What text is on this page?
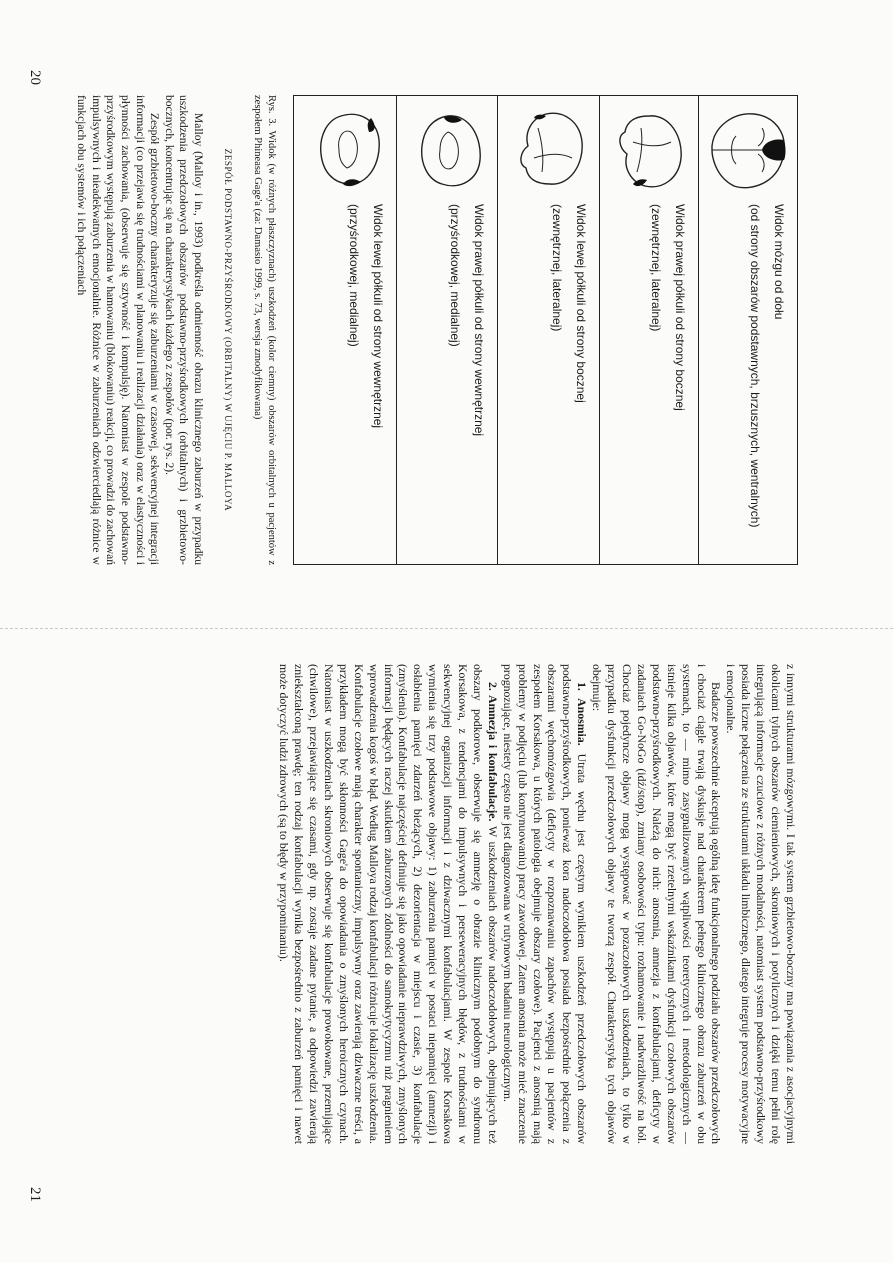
Widok mózgu od dołu
(od strony obszarów podstawnych, brzusznych, wentralnych)
Widok prawej półkuli od strony bocznej
(zewnętrznej, lateralnej)
Widok lewej półkuli od strony bocznej
(zewnętrznej, lateralnej)
Widok prawej półkuli od strony wewnętrznej
(przyśrodkowej, medialnej)
Widok lewej półkuli od strony wewnętrznej
(przyśrodkowej, medialnej)
Rys. 3. Widok (w różnych płaszczyznach) uszkodzeń (kolor ciemny) obszarów orbitalnych u pacjentów z zespołem Phineasa Gage'a (za: Damasio 1999, s. 73, wersja zmodyfikowana)
ZESPÓŁ PODSTAWNO-PRZYŚRODKOWY (ORBITALNY) W UJĘCIU P. MALLOYA

Malloy (Malloy i in., 1993) podkreśla odmienność obrazu klinicznego zaburzeń w przypadku uszkodzenia przedczołowych obszarów podstawno-przyśrodkowych (orbitalnych) i grzbietowo-bocznych, koncentrując się na charakterystykach każdego z zespołów (por. rys. 2).

Zespół grzbietowo-boczny charakteryzuje się zaburzeniami w czasowej, sekwencyjnej integracji informacji (co przejawia się trudnościami w planowaniu i realizacji działania) oraz w elastyczności i płynności zachowania, (obserwuje się sztywność i kompulsję). Natomiast w zespole podstawno-przyśrodkowym występują zaburzenia w hamowaniu (blokowaniu) reakcji, co prowadzi do zachowań impulsywnych i nieadekwatnych emocjonalnie. Różnice w zaburzeniach odzwierciedlają różnice w funkcjach obu systemów i ich połączeniach

20

z innymi strukturami mózgowymi. I tak system grzbietowo-boczny ma powiązania z asocjacyjnymi okolicami tylnych obszarów ciemieniowych, skroniowych i potylicznych i dzięki temu pełni rolę integrującą informacje czuciowe z różnych modalności, natomiast system podstawno-przyśrodkowy posiada liczne połączenia ze strukturami układu limbicznego, dlatego integruje procesy motywacyjne i emocjonalne.

Badacze powszechnie akceptują ogólną ideę funkcjonalnego podziału obszarów przedczołowych i chociaż ciągle trwają dyskusje nad charakterem pełnego klinicznego obrazu zaburzeń w obu systemach, to — mimo zasygnalizowanych wątpliwości teoretycznych i metodologicznych — istnieje kilka objawów, które mogą być rzetelnymi wskaźnikami dysfunkcji czołowych obszarów podstawno-przyśrodkowych. Należą do nich: anosmia, amnezja z konfabulacjami, deficyty w zadaniach Go-NoGo (idź/stop), zmiany osobowości typu: rozhamowanie i nadwrażliwość na ból. Chociaż pojedyncze objawy mogą występować w pozaczołowych uszkodzeniach, to tylko w przypadku dysfunkcji przedczołowych objawy te tworzą zespół. Charakterystyka tych objawów obejmuje:

1. Anosmia. Utrata węchu jest częstym wynikiem uszkodzeń przedczołowych obszarów podstawno-przyśrodkowych, ponieważ kora nadoczodołowa posiada bezpośrednie połączenia z obszarami węchomózgowia (deficyty w rozpoznawaniu zapachów występują u pacjentów z zespołem Korsakowa, u których patologia obejmuje obszary czołowe). Pacjenci z anosmią mają problemy w podjęciu (lub kontynuowaniu) pracy zawodowej. Zatem anosmia może mieć znaczenie prognozujące, niestety często nie jest diagnozowana w rutynowym badaniu neurologicznym.

2. Amnezja i konfabulacje. W uszkodzeniach obszarów nadoczodołowych, obejmujących też obszary podkorowe, obserwuje się amnezję o obrazie klinicznym podobnym do syndromu Korsakowa, z tendencjami do impulsywnych i perseweracyjnych błędów, z trudnościami w sekwencyjnej organizacji informacji i z dziwacznymi konfabulacjami. W zespole Korsakowa wymienia się trzy podstawowe objawy: 1) zaburzenia pamięci w postaci niepamięci (amnezji) i osłabienia pamięci zdarzeń bieżących, 2) dezorientacja w miejscu i czasie, 3) konfabulacje (zmyślenia). Konfabulacje najczęściej definiuje się jako opowiadanie nieprawdziwych, zmyślonych informacji będących raczej skutkiem zaburzonych zdolności do samokrytycyzmu niż pragnieniem wprowadzenia kogoś w błąd. Według Malloya rodzaj konfabulacji różnicuje lokalizację uszkodzenia. Konfabulacje czołowe mają charakter spontaniczny, impulsywny oraz zawierają dziwaczne treści, a przykładem mogą być skłonności Gage'a do opowiadania o zmyślonych heroicznych czynach. Natomiast w uszkodzeniach skroniowych obserwuje się konfabulacje prowokowane, przemijające (chwilowe), przejawiające się czasami, gdy np. zostaje zadane pytanie, a odpowiedzi zawierają zniekształconą prawdę; ten rodzaj konfabulacji wynika bezpośrednio z zaburzeń pamięci i nawet może dotyczyć ludzi zdrowych (są to błędy w przypominaniu).

21
